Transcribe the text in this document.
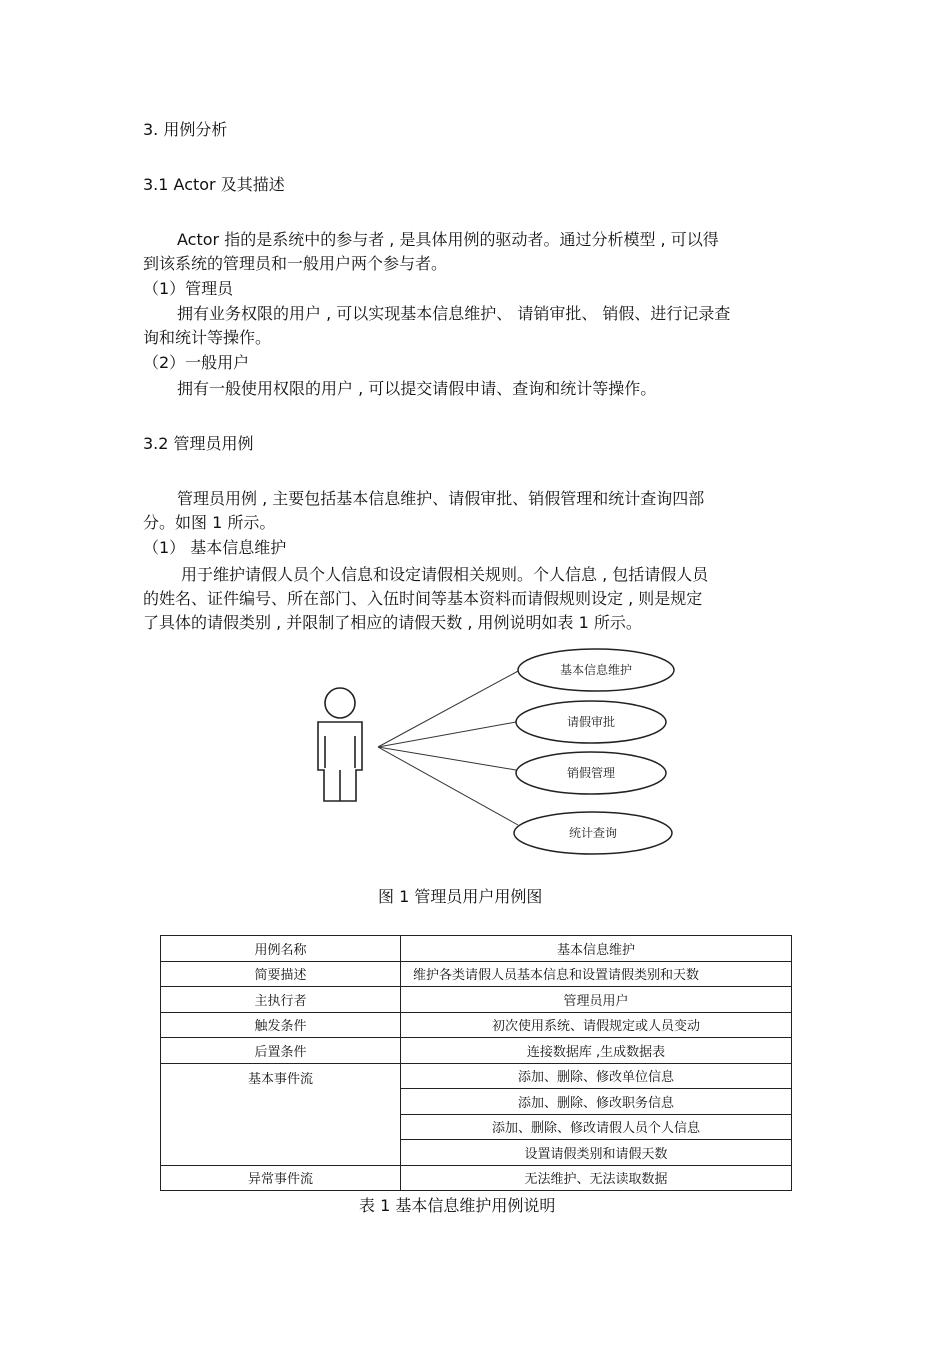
3. 用例分析
3.1 Actor 及其描述
Actor 指的是系统中的参与者 , 是具体用例的驱动者。通过分析模型 , 可以得
到该系统的管理员和一般用户两个参与者。
（1）管理员
拥有业务权限的用户 , 可以实现基本信息维护、 请销审批、 销假、进行记录查
询和统计等操作。
（2）一般用户
拥有一般使用权限的用户 , 可以提交请假申请、查询和统计等操作。
3.2 管理员用例
管理员用例 , 主要包括基本信息维护、请假审批、销假管理和统计查询四部
分。如图 1 所示。
（1） 基本信息维护
用于维护请假人员个人信息和设定请假相关规则。个人信息 , 包括请假人员
的姓名、证件编号、所在部门、入伍时间等基本资料而请假规则设定 , 则是规定
了具体的请假类别 , 并限制了相应的请假天数 , 用例说明如表 1 所示。
基本信息维护
请假审批
销假管理
统计查询
图 1 管理员用户用例图
用例名称	基本信息维护
简要描述	维护各类请假人员基本信息和设置请假类别和天数
主执行者	管理员用户
触发条件	初次使用系统、请假规定或人员变动
后置条件	连接数据库 ,生成数据表
基本事件流	添加、删除、修改单位信息
	添加、删除、修改职务信息
	添加、删除、修改请假人员个人信息
	设置请假类别和请假天数
异常事件流	无法维护、无法读取数据
表 1 基本信息维护用例说明
